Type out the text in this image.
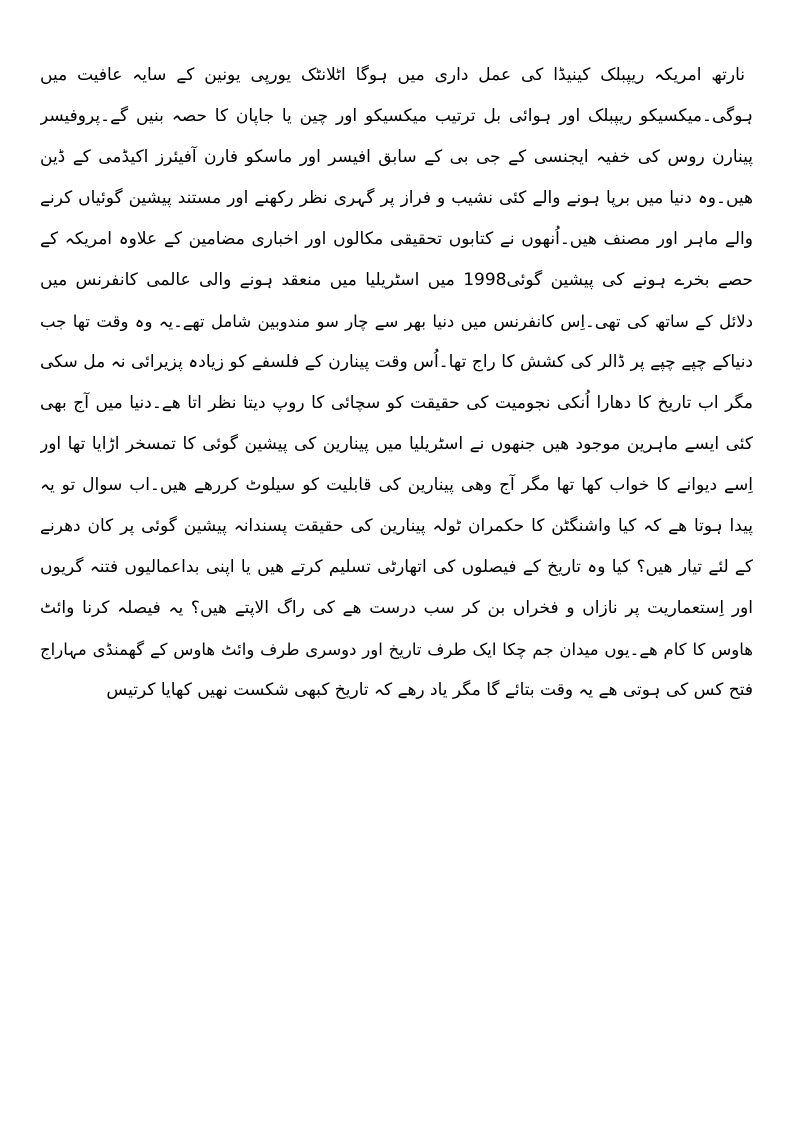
نارتھ امریکہ ریپبلک کینیڈا کی عمل داری میں ہوگا اٹلانٹک یورپی یونین کے سایہ عافیت میں
ہوگی۔میکسیکو ریپبلک اور ہوائی بل ترتیب میکسیکو اور چین یا جاپان کا حصہ بنیں گے۔پروفیسر
پینارن روس کی خفیہ ایجنسی کے جی بی کے سابق افیسر اور ماسکو فارن آفیئرز اکیڈمی کے ڈین
ھیں۔وہ دنیا میں برپا ہونے والے کئی نشیب و فراز پر گہری نظر رکھنے اور مستند پیشین گوئیاں کرنے
والے ماہر اور مصنف ھیں۔اُنھوں نے کتابوں تحقیقی مکالوں اور اخباری مضامین کے علاوہ امریکہ کے
حصے بخرے ہونے کی پیشین گوئی1998 میں اسٹریلیا میں منعقد ہونے والی عالمی کانفرنس میں
دلائل کے ساتھ کی تھی۔اِس کانفرنس میں دنیا بھر سے چار سو مندوبین شامل تھے۔یہ وہ وقت تھا جب
دنیاکے چپے چپے پر ڈالر کی کشش کا راج تھا۔اُس وقت پینارن کے فلسفے کو زیادہ پزیرائی نہ مل سکی
مگر اب تاریخ کا دھارا اُنکی نجومیت کی حقیقت کو سچائی کا روپ دیتا نظر اتا ھے۔دنیا میں آج بھی
کئی ایسے ماہرین موجود ھیں جنھوں نے اسٹریلیا میں پینارین کی پیشین گوئی کا تمسخر اڑایا تھا اور
اِسے دیوانے کا خواب کھا تھا مگر آج وھی پینارین کی قابلیت کو سیلوٹ کررھے ھیں۔اب سوال تو یہ
پیدا ہوتا ھے کہ کیا واشنگٹن کا حکمران ٹولہ پینارین کی حقیقت پسندانہ پیشین گوئی پر کان دھرنے
کے لئے تیار ھیں؟ کیا وہ تاریخ کے فیصلوں کی اتھارٹی تسلیم کرتے ھیں یا اپنی بداعمالیوں فتنہ گریوں
اور اِستعماریت پر نازاں و فخراں بن کر سب درست ھے کی راگ الاپتے ھیں؟ یہ فیصلہ کرنا وائٹ
ھاوس کا کام ھے۔یوں میدان جم چکا ایک طرف تاریخ اور دوسری طرف وائٹ ھاوس کے گھمنڈی مہاراج
فتح کس کی ہوتی ھے یہ وقت بتائے گا مگر یاد رھے کہ تاریخ کبھی شکست نھیں کھایا کرتیس
